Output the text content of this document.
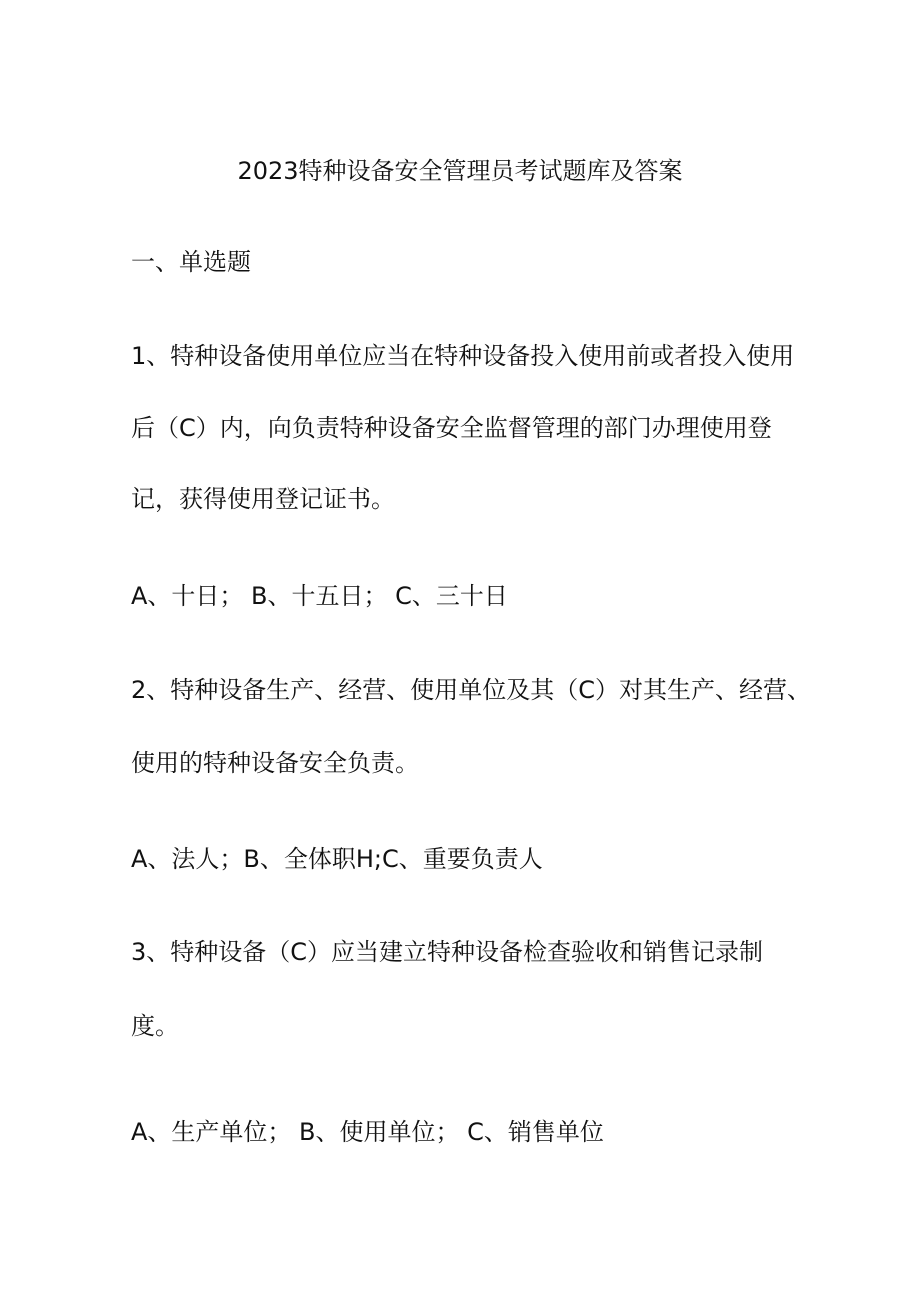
2023特种设备安全管理员考试题库及答案

一、单选题

1、特种设备使用单位应当在特种设备投入使用前或者投入使用

后（C）内，向负责特种设备安全监督管理的部门办理使用登

记，获得使用登记证书。

A、十日； B、十五日； C、三十日

2、特种设备生产、经营、使用单位及其（C）对其生产、经营、

使用的特种设备安全负责。

A、法人；B、全体职H;C、重要负责人

3、特种设备（C）应当建立特种设备检查验收和销售记录制

度。

A、生产单位； B、使用单位； C、销售单位
